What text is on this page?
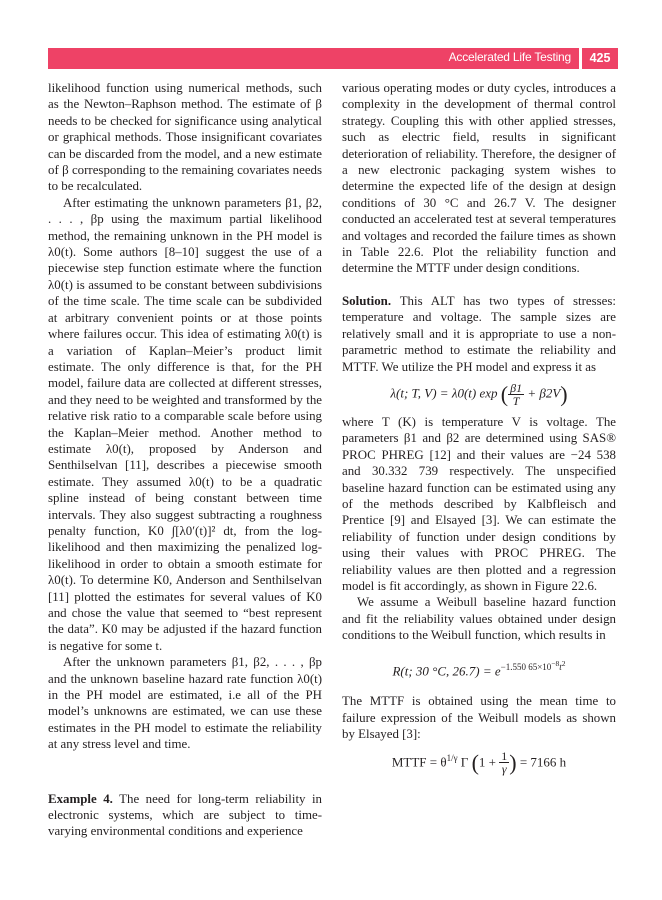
Accelerated Life Testing	425

likelihood function using numerical methods, such as the Newton–Raphson method. The estimate of β needs to be checked for significance using analytical or graphical methods. Those insignificant covariates can be discarded from the model, and a new estimate of β corresponding to the remaining covariates needs to be recalculated.

After estimating the unknown parameters β1, β2, . . . , βp using the maximum partial likelihood method, the remaining unknown in the PH model is λ0(t). Some authors [8–10] suggest the use of a piecewise step function estimate where the function λ0(t) is assumed to be constant between subdivisions of the time scale. The time scale can be subdivided at arbitrary convenient points or at those points where failures occur. This idea of estimating λ0(t) is a variation of Kaplan–Meier’s product limit estimate. The only difference is that, for the PH model, failure data are collected at different stresses, and they need to be weighted and transformed by the relative risk ratio to a comparable scale before using the Kaplan–Meier method. Another method to estimate λ0(t), proposed by Anderson and Senthilselvan [11], describes a piecewise smooth estimate. They assumed λ0(t) to be a quadratic spline instead of being constant between time intervals. They also suggest subtracting a roughness penalty function, K0 ∫[λ0′(t)]² dt, from the log-likelihood and then maximizing the penalized log-likelihood in order to obtain a smooth estimate for λ0(t). To determine K0, Anderson and Senthilselvan [11] plotted the estimates for several values of K0 and chose the value that seemed to “best represent the data”. K0 may be adjusted if the hazard function is negative for some t.

After the unknown parameters β1, β2, . . . , βp and the unknown baseline hazard rate function λ0(t) in the PH model are estimated, i.e all of the PH model’s unknowns are estimated, we can use these estimates in the PH model to estimate the reliability at any stress level and time.

Example 4. The need for long-term reliability in electronic systems, which are subject to time-varying environmental conditions and experience

various operating modes or duty cycles, introduces a complexity in the development of thermal control strategy. Coupling this with other applied stresses, such as electric field, results in significant deterioration of reliability. Therefore, the designer of a new electronic packaging system wishes to determine the expected life of the design at design conditions of 30 °C and 26.7 V. The designer conducted an accelerated test at several temperatures and voltages and recorded the failure times as shown in Table 22.6. Plot the reliability function and determine the MTTF under design conditions.

Solution. This ALT has two types of stresses: temperature and voltage. The sample sizes are relatively small and it is appropriate to use a non-parametric method to estimate the reliability and MTTF. We utilize the PH model and express it as

λ(t; T, V) = λ0(t) exp ( $\frac{\beta 1}{T} + \beta 2V$)

where T (K) is temperature V is voltage. The parameters β1 and β2 are determined using SAS® PROC PHREG [12] and their values are −24 538 and 30.332 739 respectively. The unspecified baseline hazard function can be estimated using any of the methods described by Kalbfleisch and Prentice [9] and Elsayed [3]. We can estimate the reliability of function under design conditions by using their values with PROC PHREG. The reliability values are then plotted and a regression model is fit accordingly, as shown in Figure 22.6.

We assume a Weibull baseline hazard function and fit the reliability values obtained under design conditions to the Weibull function, which results in

R(t; 30 °C, $26.7) = e^{-1.550 65\times 10^{-8}t^2}$

The MTTF is obtained using the mean time to failure expression of the Weibull models as shown by Elsayed [3]:

MTTF = $\theta^{1/\gamma}$ Γ ($1 + \frac{1}{\gamma}$ ) = 7166 h
